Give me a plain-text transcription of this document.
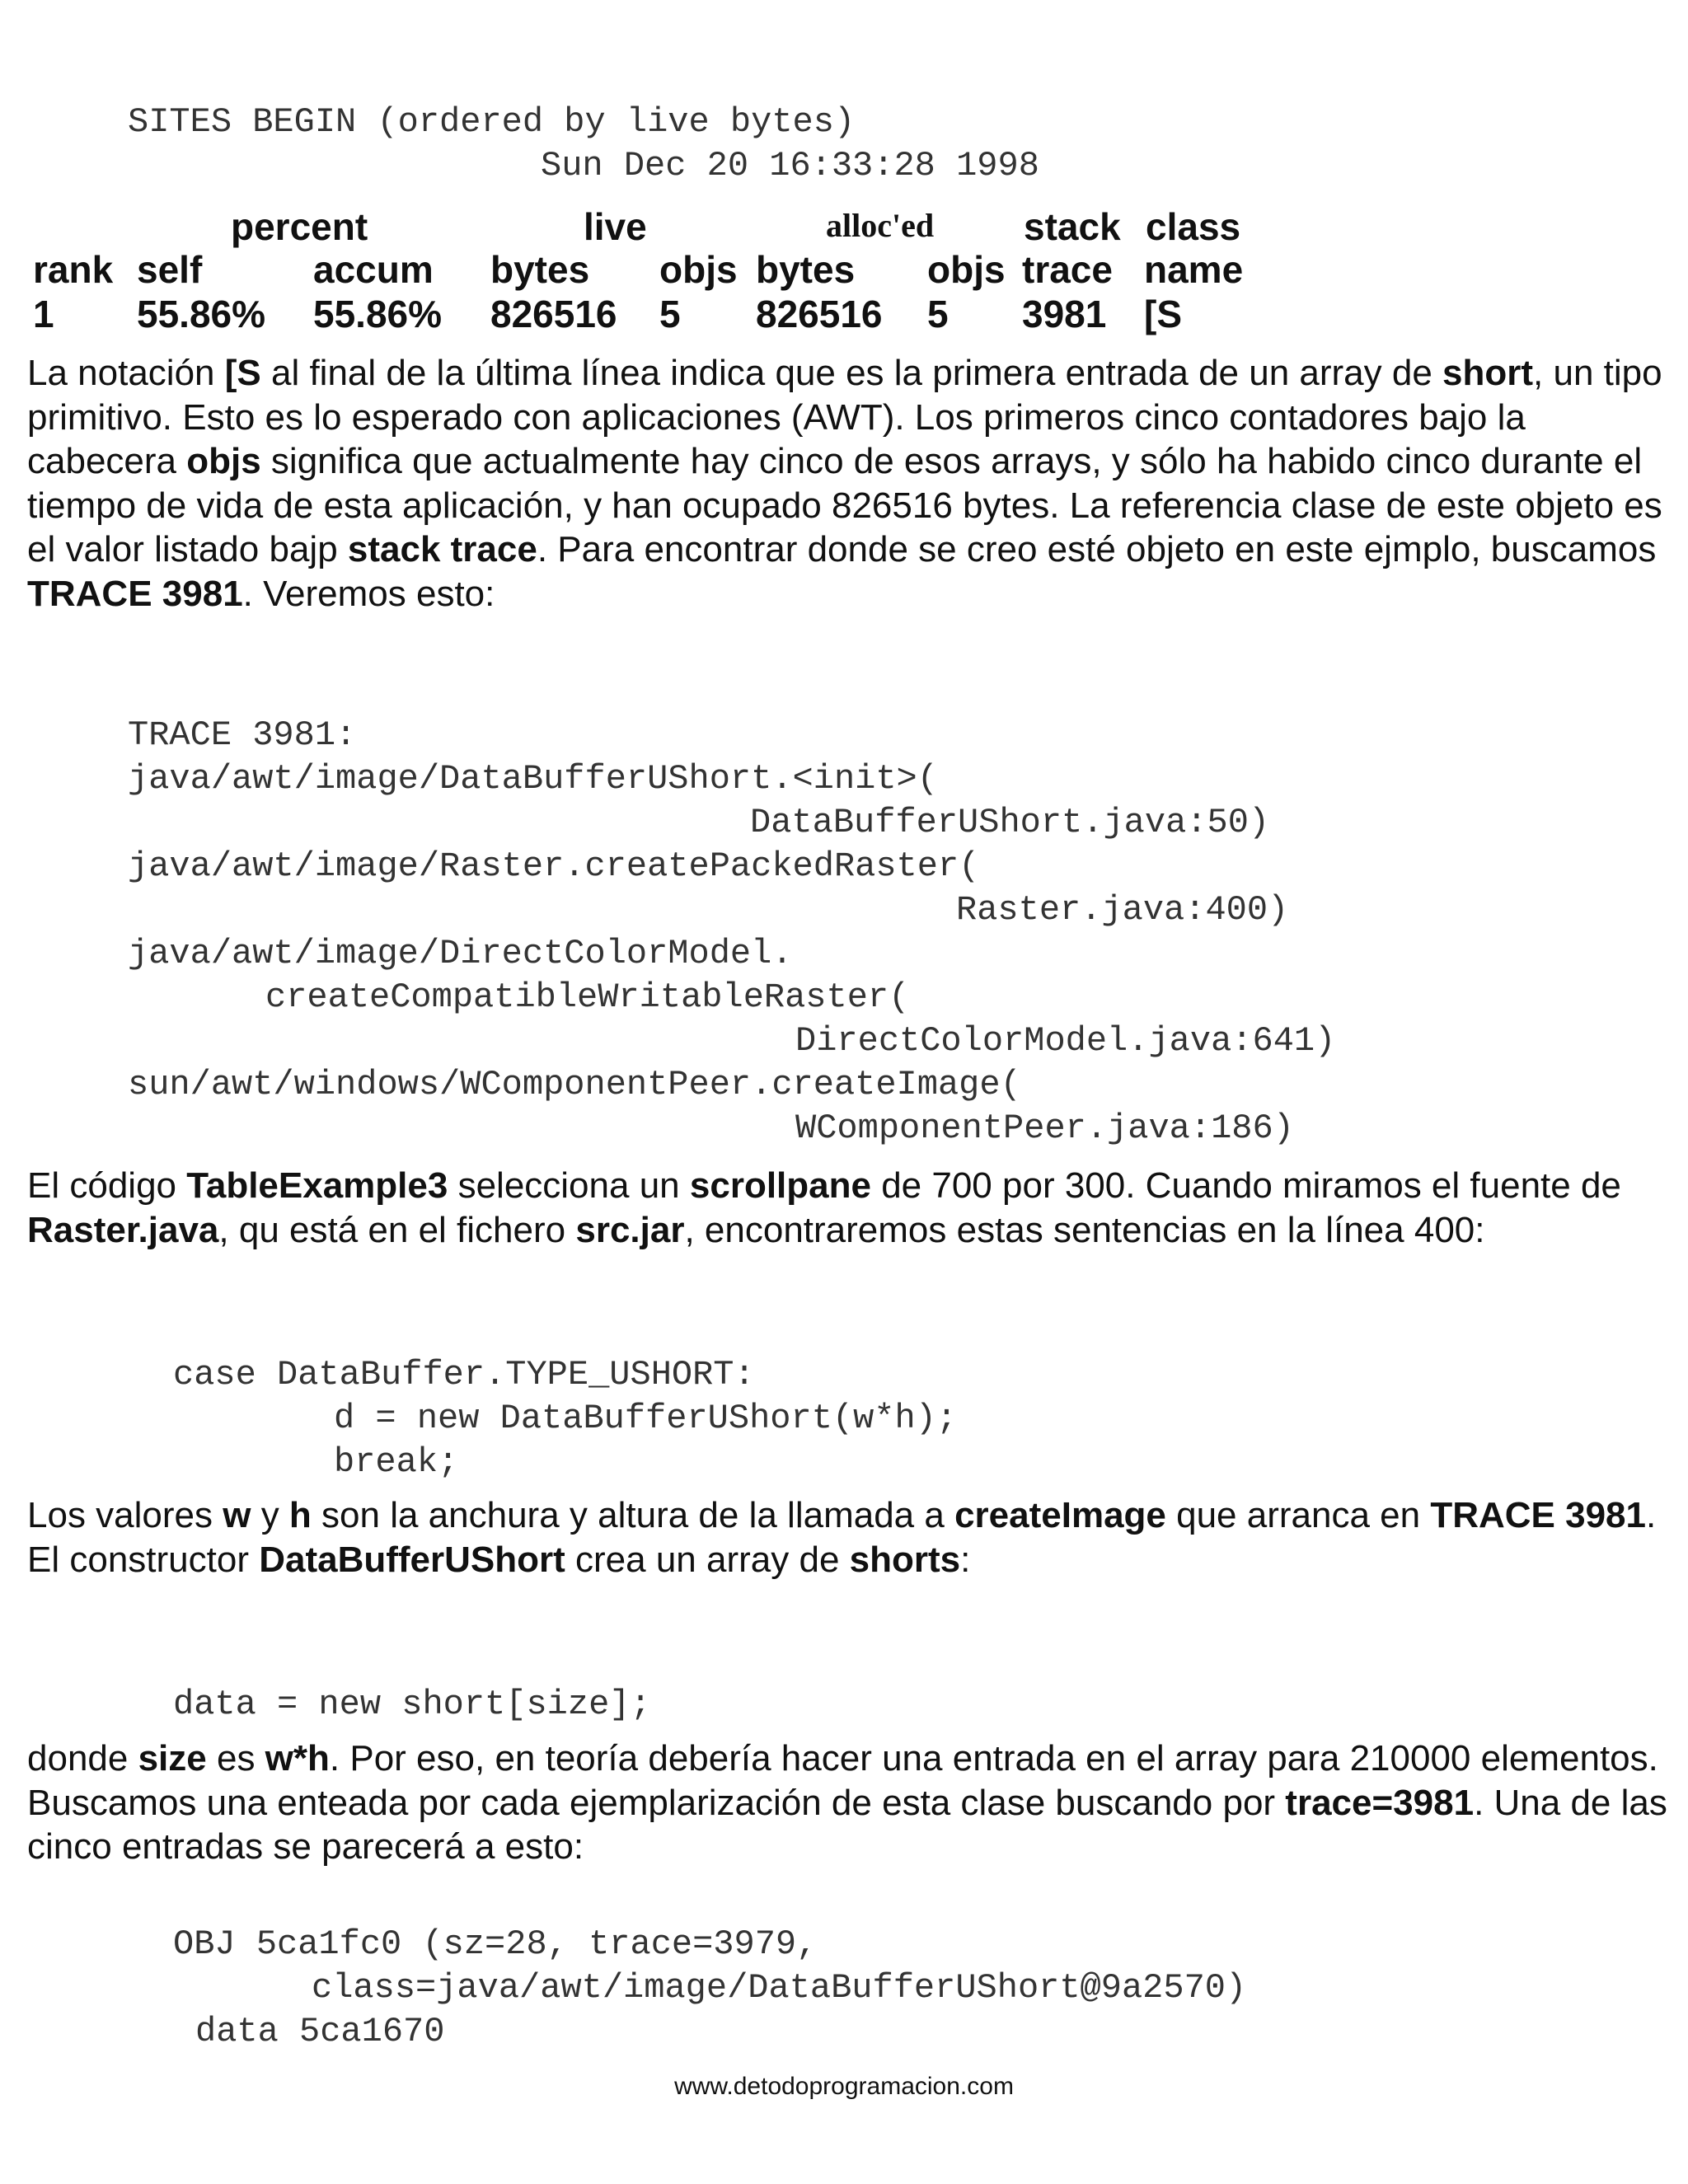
SITES BEGIN (ordered by live bytes)

Sun Dec 20 16:33:28 1998

percent	live	alloc'ed stack class
rank self	accum bytes objs bytes objs trace name
1 55.86% 55.86% 826516 5 826516 5 3981 [S
La notación [S al final de la última línea indica que es la primera entrada de un array de short, un tipo primitivo. Esto es lo esperado con aplicaciones (AWT). Los primeros cinco contadores bajo la cabecera objs significa que actualmente hay cinco de esos arrays, y sólo ha habido cinco durante el tiempo de vida de esta aplicación, y han ocupado 826516 bytes. La referencia clase de este objeto es el valor listado bajp stack trace. Para encontrar donde se creo esté objeto en este ejmplo, buscamos TRACE 3981. Veremos esto:

TRACE 3981:

java/awt/image/DataBufferUShort.<init>(

DataBufferUShort.java:50)

java/awt/image/Raster.createPackedRaster(

Raster.java:400)

java/awt/image/DirectColorModel.

createCompatibleWritableRaster(

DirectColorModel.java:641)

sun/awt/windows/WComponentPeer.createImage(

WComponentPeer.java:186)

El código TableExample3 selecciona un scrollpane de 700 por 300. Cuando miramos el fuente de Raster.java, qu está en el fichero src.jar, encontraremos estas sentencias en la línea 400:

case DataBuffer.TYPE_USHORT:

d = new DataBufferUShort(w*h);

break;

Los valores w y h son la anchura y altura de la llamada a createImage que arranca en TRACE 3981. El constructor DataBufferUShort crea un array de shorts:
data = new short[size];
donde size es w*h. Por eso, en teoría debería hacer una entrada en el array para 210000 elementos. Buscamos una enteada por cada ejemplarización de esta clase buscando por trace=3981. Una de las cinco entradas se parecerá a esto:

OBJ 5ca1fc0 (sz=28, trace=3979,

class=java/awt/image/DataBufferUShort@9a2570)

data 5ca1670

www.detodoprogramacion.com
